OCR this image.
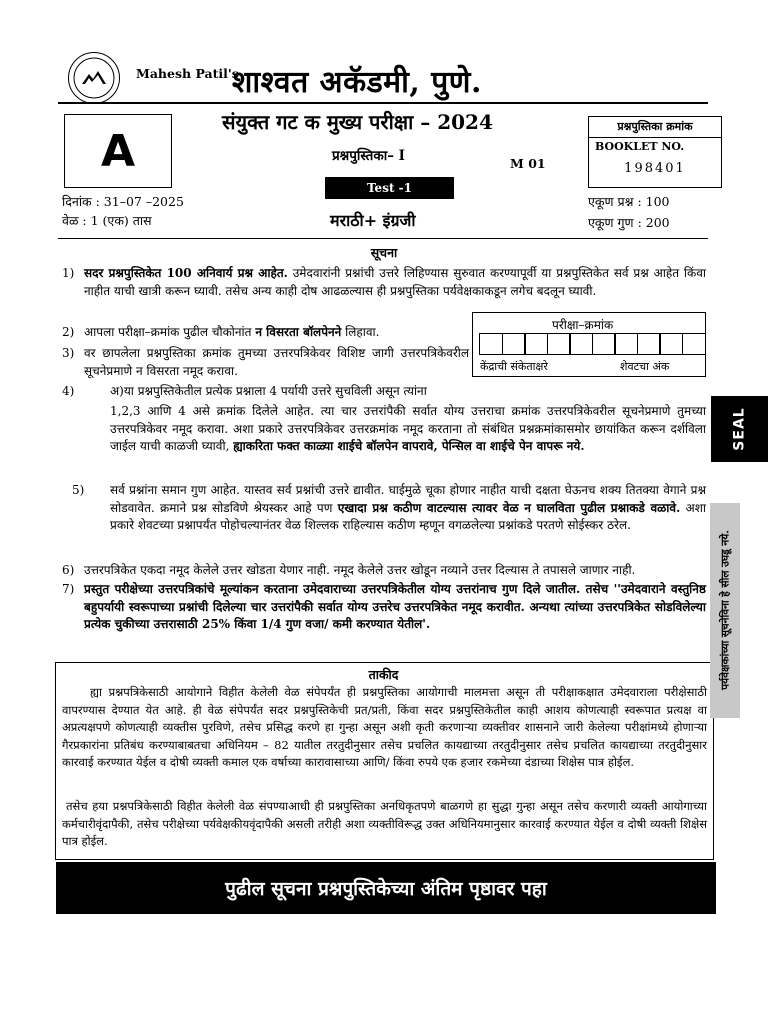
Mahesh Patil's
शाश्वत अकॅडमी, पुणे.
A
संयुक्त गट क मुख्य परीक्षा – 2024
प्रश्नपुस्तिका– I	M 01
Test -1
मराठी+ इंग्रजी
प्रश्नपुस्तिका क्रमांक
BOOKLET NO.
198401
दिनांक : 31–07 –2025
वेळ : 1 (एक) तास
एकूण प्रश्न : 100
एकूण गुण : 200
सूचना
1) सदर प्रश्नपुस्तिकेत 100 अनिवार्य प्रश्न आहेत. उमेदवारांनी प्रश्नांची उत्तरे लिहिण्यास सुरुवात करण्यापूर्वी या प्रश्नपुस्तिकेत सर्व प्रश्न आहेत किंवा नाहीत याची खात्री करून घ्यावी. तसेच अन्य काही दोष आढळल्यास ही प्रश्नपुस्तिका पर्यवेक्षकाकडून लगेच बदलून घ्यावी.
2) आपला परीक्षा–क्रमांक पुढील चौकोनांत न विसरता बॉलपेनने लिहावा.
3) वर छापलेला प्रश्नपुस्तिका क्रमांक तुमच्या उत्तरपत्रिकेवर विशिष्ट जागी उत्तरपत्रिकेवरील सूचनेप्रमाणे न विसरता नमूद करावा.
परीक्षा–क्रमांक
केंद्राची संकेताक्षरे	शेवटचा अंक
4)	अ)या प्रश्नपुस्तिकेतील प्रत्येक प्रश्नाला 4 पर्यायी उत्तरे सुचविली असून त्यांना
1,2,3 आणि 4 असे क्रमांक दिलेले आहेत. त्या चार उत्तरांपैकी सर्वात योग्य उत्तराचा क्रमांक उत्तरपत्रिकेवरील सूचनेप्रमाणे तुमच्या उत्तरपत्रिकेवर नमूद करावा. अशा प्रकारे उत्तरपत्रिकेवर उत्तरक्रमांक नमूद करताना तो संबंधित प्रश्नक्रमांकासमोर छायांकित करून दर्शविला जाईल याची काळजी घ्यावी, ह्याकरिता फक्त काळ्या शाईचे बॉलपेन वापरावे, पेन्सिल वा शाईचे पेन वापरू नये.
5) सर्व प्रश्नांना समान गुण आहेत. यास्तव सर्व प्रश्नांची उत्तरे द्यावीत. घाईमुळे चूका होणार नाहीत याची दक्षता घेऊनच शक्य तितक्या वेगाने प्रश्न सोडवावेत. क्रमाने प्रश्न सोडविणे श्रेयस्कर आहे पण एखादा प्रश्न कठीण वाटल्यास त्यावर वेळ न घालविता पुढील प्रश्नाकडे वळावे. अशा प्रकारे शेवटच्या प्रश्नापर्यंत पोहोचल्यानंतर वेळ शिल्लक राहिल्यास कठीण म्हणून वगळलेल्या प्रश्नांकडे परतणे सोईस्कर ठरेल.
6) उत्तरपत्रिकेत एकदा नमूद केलेले उत्तर खोडता येणार नाही. नमूद केलेले उत्तर खोडून नव्याने उत्तर दिल्यास ते तपासले जाणार नाही.
7) प्रस्तुत परीक्षेच्या उत्तरपत्रिकांचे मूल्यांकन करताना उमेदवाराच्या उत्तरपत्रिकेतील योग्य उत्तरांनाच गुण दिले जातील. तसेच ''उमेदवाराने वस्तुनिष्ठ बहुपर्यायी स्वरूपाच्या प्रश्नांची दिलेल्या चार उत्तरांपैकी सर्वात योग्य उत्तरेच उत्तरपत्रिकेत नमूद करावीत. अन्यथा त्यांच्या उत्तरपत्रिकेत सोडविलेल्या प्रत्येक चुकीच्या उत्तरासाठी 25% किंवा 1/4 गुण वजा/ कमी करण्यात येतील'.
ताकीद
ह्या प्रश्नपत्रिकेसाठी आयोगाने विहीत केलेली वेळ संपेपर्यंत ही प्रश्नपुस्तिका आयोगाची मालमत्ता असून ती परीक्षाकक्षात उमेदवाराला परीक्षेसाठी वापरण्यास देण्यात येत आहे. ही वेळ संपेपर्यंत सदर प्रश्नपुस्तिकेची प्रत/प्रती, किंवा सदर प्रश्नपुस्तिकेतील काही आशय कोणत्याही स्वरूपात प्रत्यक्ष वा अप्रत्यक्षपणे कोणत्याही व्यक्तीस पुरविणे, तसेच प्रसिद्ध करणे हा गुन्हा असून अशी कृती करणाऱ्या व्यक्तीवर शासनाने जारी केलेल्या परीक्षांमध्ये होणाऱ्या गैरप्रकारांना प्रतिबंध करण्याबाबतचा अधिनियम – 82 यातील तरतुदीनुसार तसेच प्रचलित कायद्याच्या तरतुदीनुसार तसेच प्रचलित कायद्याच्या तरतुदीनुसार कारवाई करण्यात येईल व दोषी व्यक्ती कमाल एक वर्षाच्या कारावासाच्या आणि/ किंवा रुपये एक हजार रकमेच्या दंडाच्या शिक्षेस पात्र होईल.
तसेच हया प्रश्नपत्रिकेसाठी विहीत केलेली वेळ संपण्याआधी ही प्रश्नपुस्तिका अनधिकृतपणे बाळगणे हा सुद्धा गुन्हा असून तसेच करणारी व्यक्ती आयोगाच्या कर्मचारीवृंदापैकी, तसेच परीक्षेच्या पर्यवेक्षकीयवृंदापैकी असली तरीही अशा व्यक्तीविरूद्ध उक्त अधिनियमानुसार कारवाई करण्यात येईल व दोषी व्यक्ती शिक्षेस पात्र होईल.
पुढील सूचना प्रश्नपुस्तिकेच्या अंतिम पृष्ठावर पहा
SEAL
पर्यवेक्षकांच्या सूचनेविना हे सील उघडू नये.
